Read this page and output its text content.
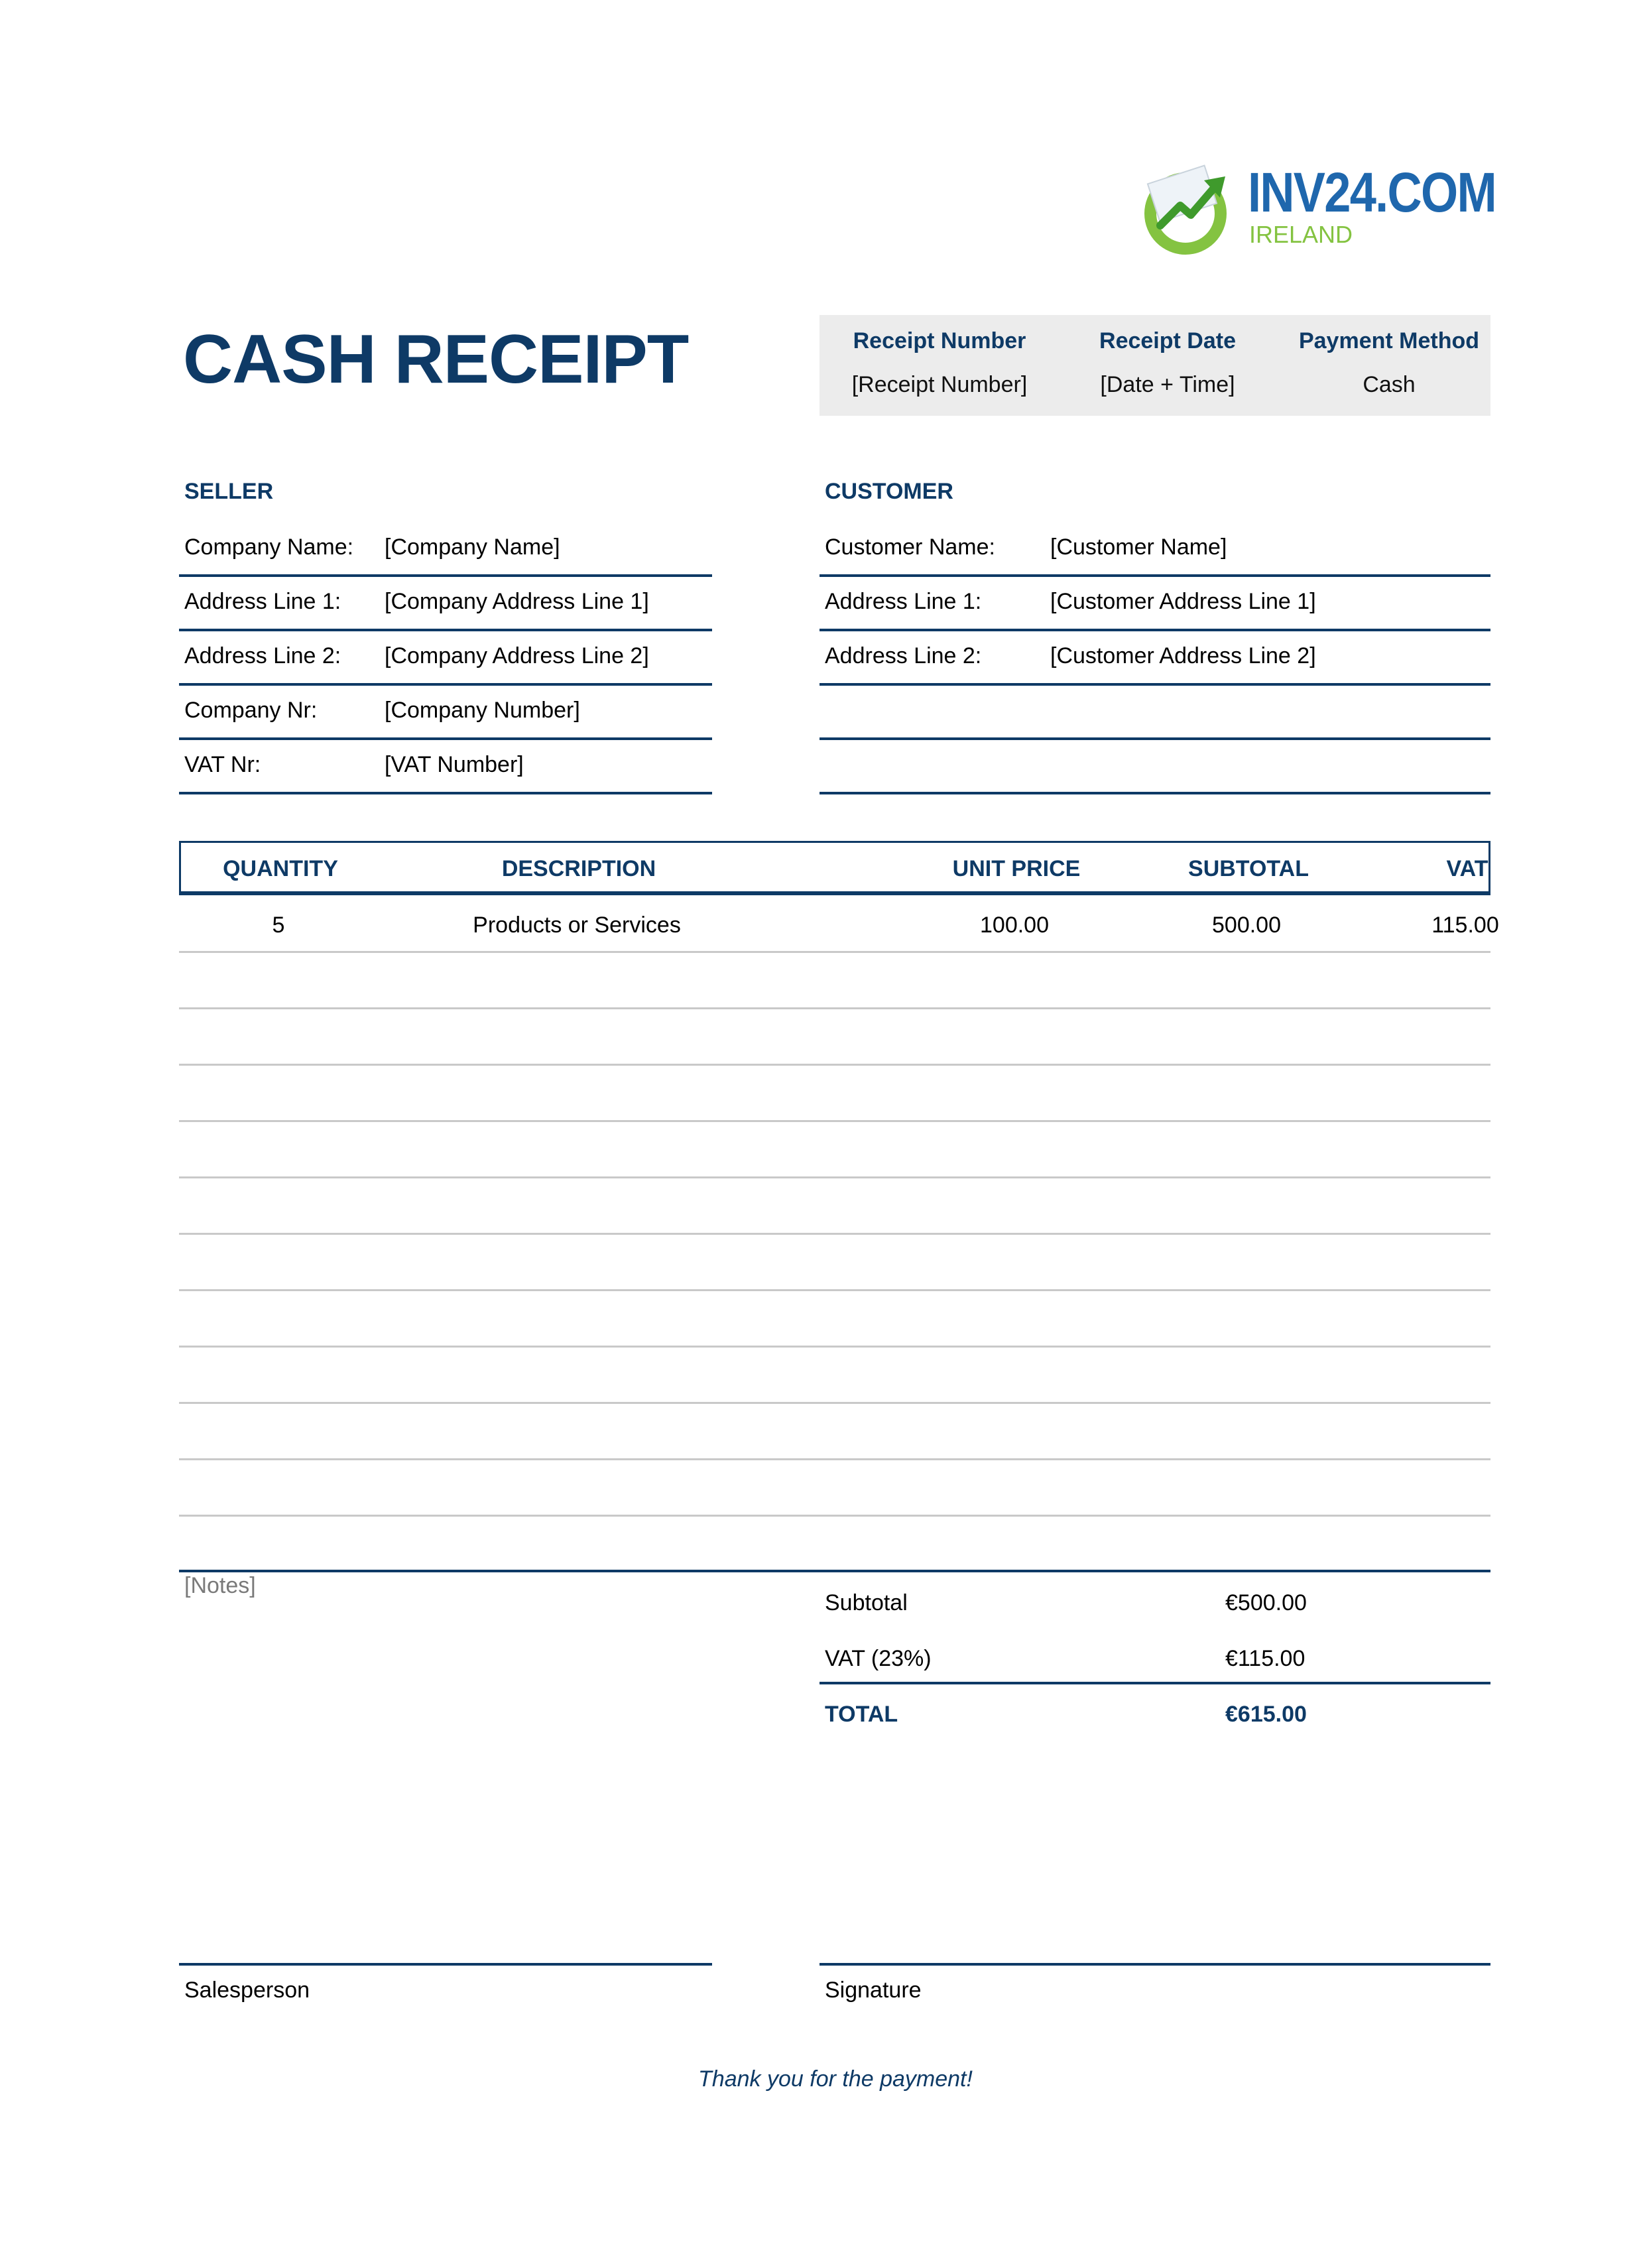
INV24.COM
IRELAND
CASH RECEIPT	Receipt Number	Receipt Date	Payment Method
[Receipt Number]	[Date + Time]	Cash
SELLER
Company Name: [Company Name]
Address Line 1: [Company Address Line 1]
Address Line 2: [Company Address Line 2]
Company Nr:	[Company Number]
VAT Nr:	[VAT Number]
CUSTOMER
Customer Name: [Customer Name]
Address Line 1:	[Customer Address Line 1]
Address Line 2:	[Customer Address Line 2]
QUANTITY	DESCRIPTION	UNIT PRICE	SUBTOTAL	VAT
5	Products or Services	100.00	500.00	115.00
[Notes]
Subtotal	€500.00
VAT (23%)	€115.00
TOTAL	€615.00
Salesperson	Signature
Thank you for the payment!
